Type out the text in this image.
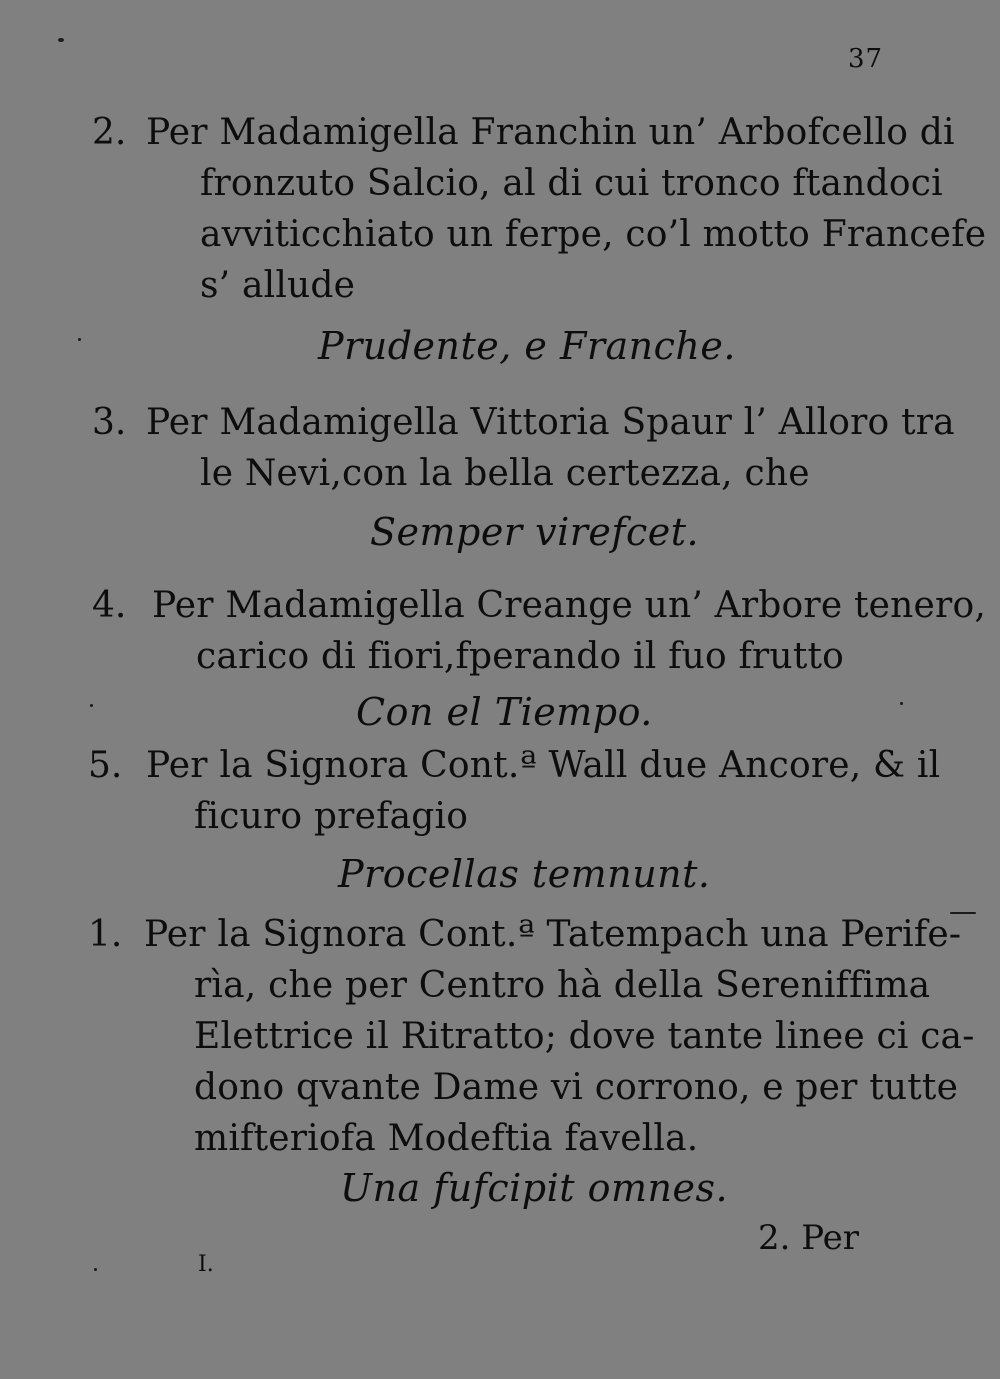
37
2. Per Madamigella Franchin un’ Arbofcello di
fronzuto Salcio, al di cui tronco ftandoci
avviticchiato un ferpe, co’l motto Francefe
s’ allude
Prudente, e Franche.
3. Per Madamigella Vittoria Spaur l’ Alloro tra
le Nevi,con la bella certezza, che
Semper virefcet.
4. Per Madamigella Creange un’ Arbore tenero,
carico di fiori,fperando il fuo frutto
Con el Tiempo.
5. Per la Signora Cont.ª Wall due Ancore, & il
ficuro prefagio
Procellas temnunt.
1. Per la Signora Cont.ª Tatempach una Perife-
rìa, che per Centro hà della Sereniffima
Elettrice il Ritratto; dove tante linee ci ca-
dono qvante Dame vi corrono, e per tutte
mifteriofa Modeftia favella.
Una fufcipit omnes.
2. Per
I.
